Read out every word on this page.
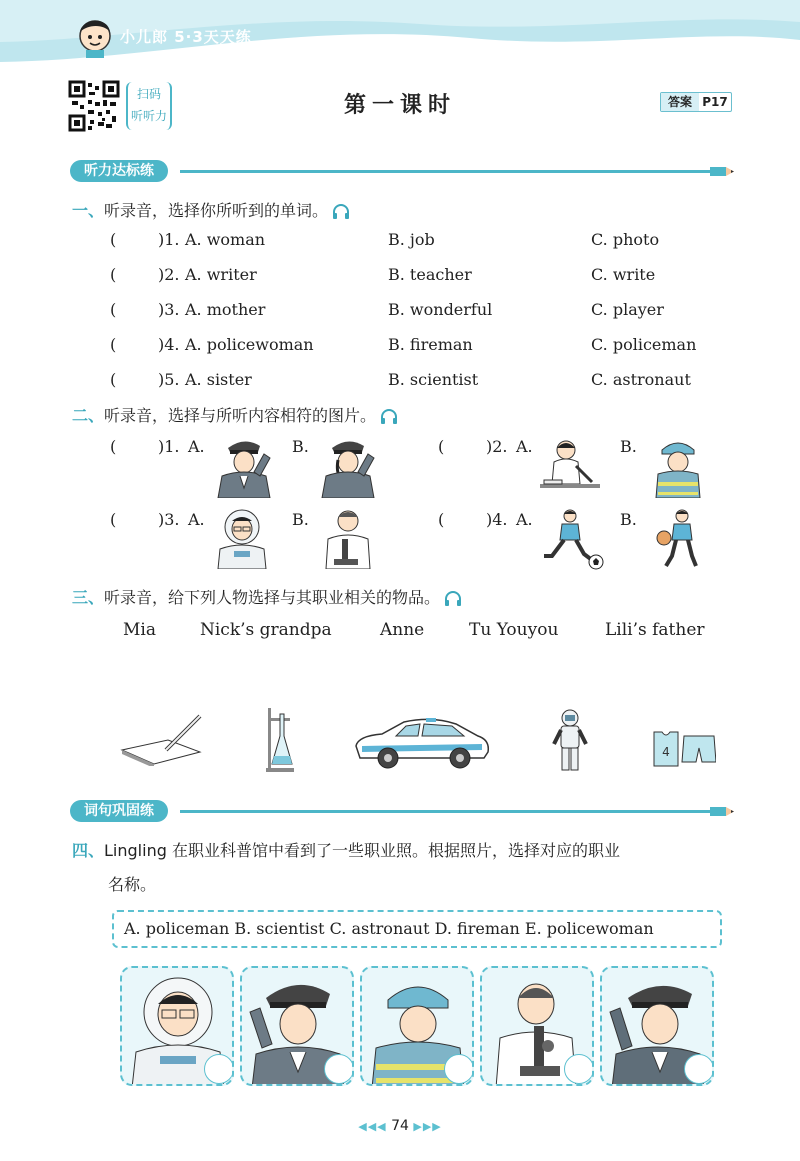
小儿郎 5·3天天练
扫码
听听力	第一课时	答案 P17
听力达标练
一、听录音，选择你所听到的单词。
(	)1. A. woman	B. job	C. photo
(	)2. A. writer	B. teacher	C. write
(	)3. A. mother	B. wonderful	C. player
(	)4. A. policewoman	B. fireman	C. policeman
(	)5. A. sister	B. scientist	C. astronaut
二、听录音，选择与所听内容相符的图片。
(	)1. A.	B.	(	)2. A.	B.
(	)3. A.	B.	(	)4. A.	B.
三、听录音，给下列人物选择与其职业相关的物品。
Mia	Nick’s grandpa	Anne	Tu Youyou	Lili’s father
4
词句巩固练
四、Lingling 在职业科普馆中看到了一些职业照。根据照片，选择对应的职业
名称。
A. policeman B. scientist C. astronaut D. fireman E. policewoman
◀◀◀ 74 ▶▶▶
